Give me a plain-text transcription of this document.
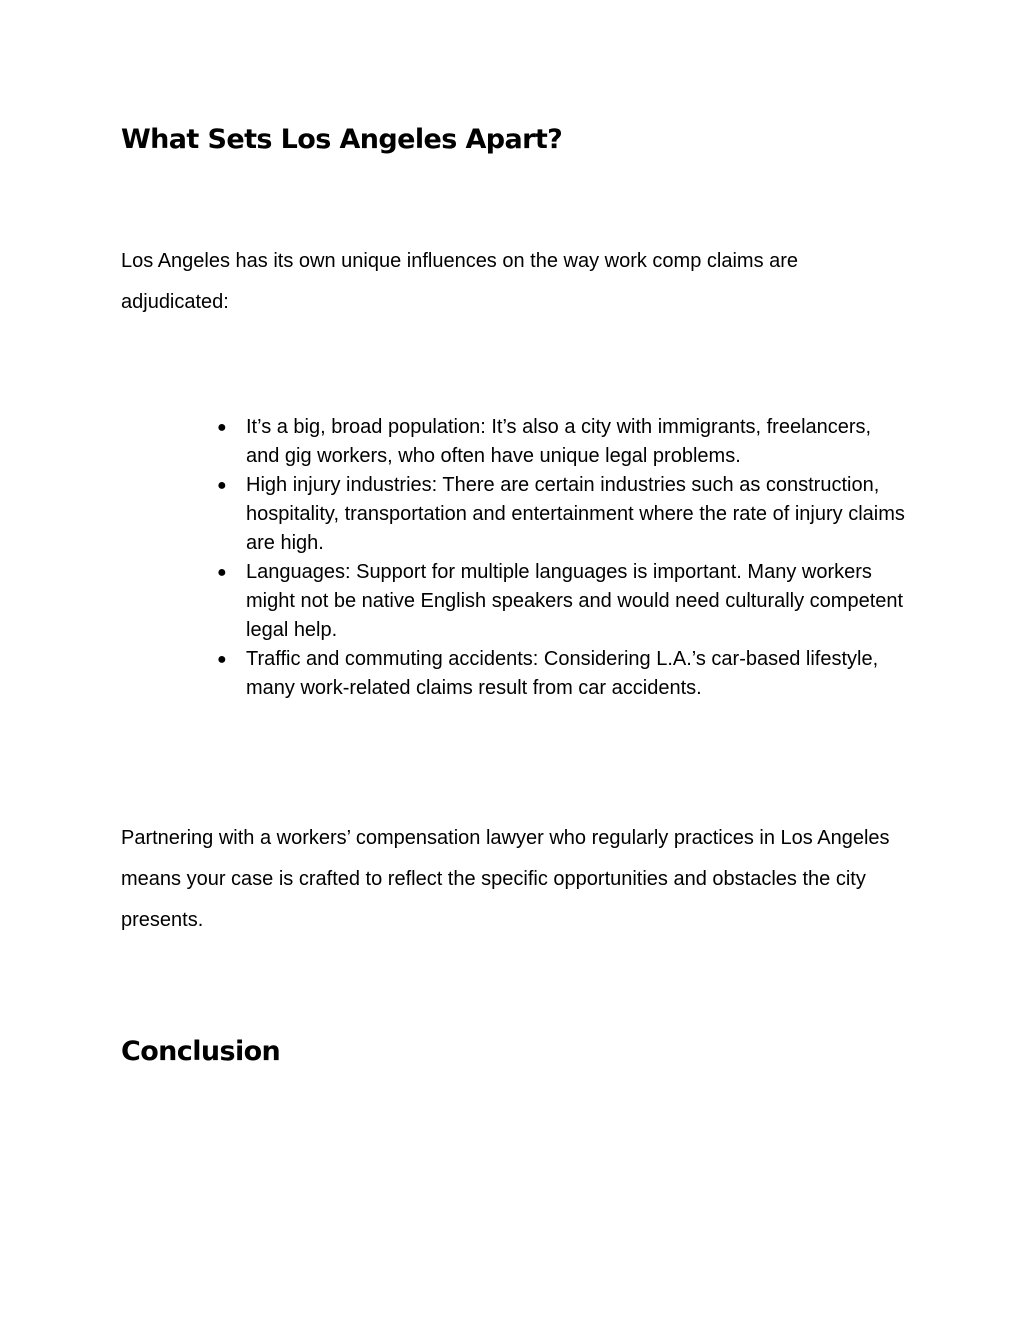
What Sets Los Angeles Apart?

Los Angeles has its own unique influences on the way work comp claims are adjudicated:

● It’s a big, broad population: It’s also a city with immigrants, freelancers, and gig workers, who often have unique legal problems.
● High injury industries: There are certain industries such as construction, hospitality, transportation and entertainment where the rate of injury claims are high.
● Languages: Support for multiple languages is important. Many workers might not be native English speakers and would need culturally competent legal help.
● Traffic and commuting accidents: Considering L.A.’s car-based lifestyle, many work-related claims result from car accidents.

Partnering with a workers’ compensation lawyer who regularly practices in Los Angeles means your case is crafted to reflect the specific opportunities and obstacles the city presents.

Conclusion
